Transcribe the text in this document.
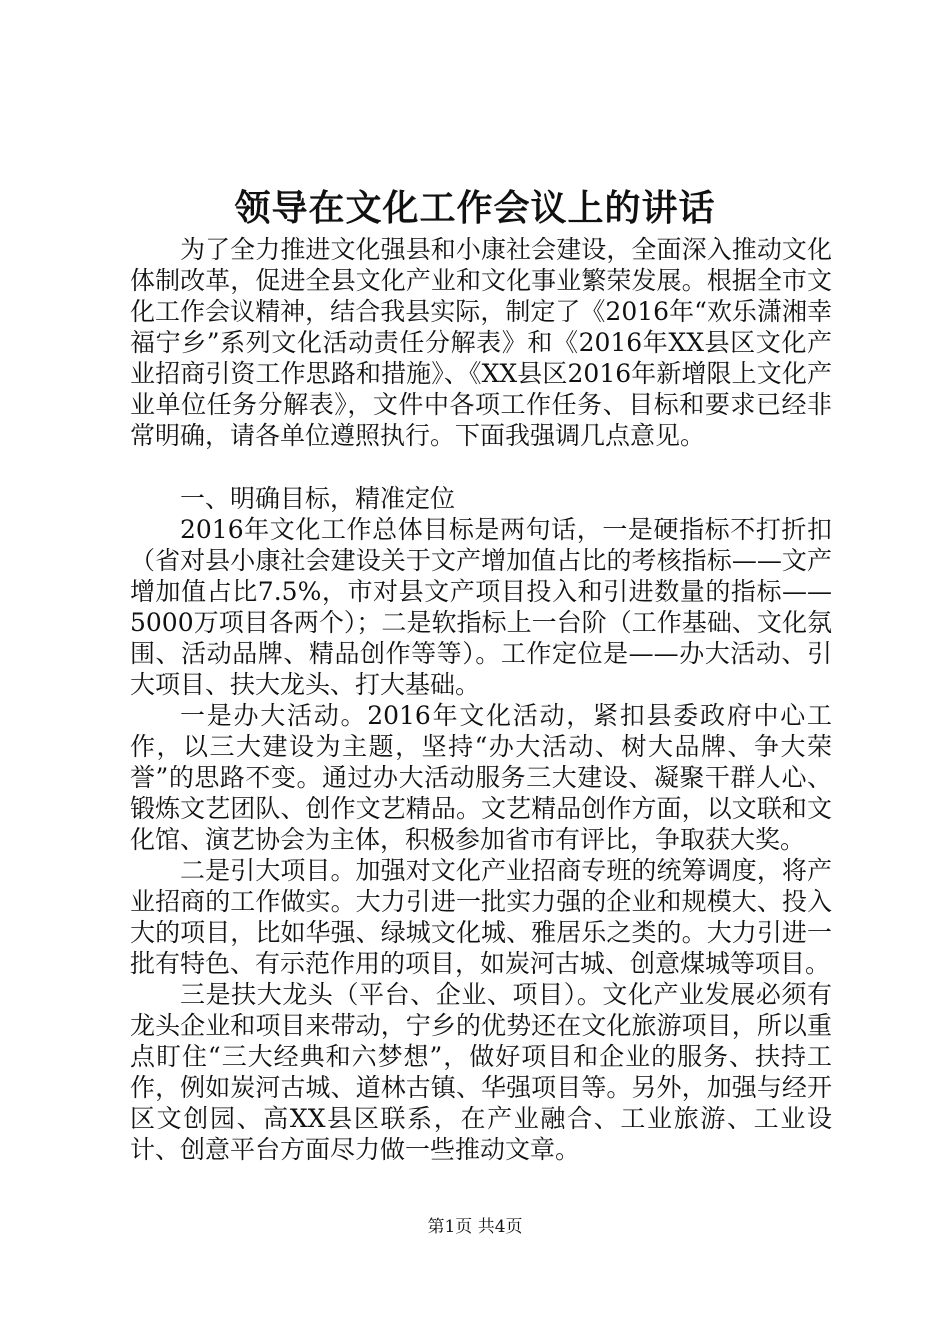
领导在文化工作会议上的讲话

为了全力推进文化强县和小康社会建设，全面深入推动文化体制改革，促进全县文化产业和文化事业繁荣发展。根据全市文化工作会议精神，结合我县实际，制定了《2016年“欢乐潇湘幸福宁乡”系列文化活动责任分解表》和《2016年XX县区文化产业招商引资工作思路和措施》、《XX县区2016年新增限上文化产业单位任务分解表》，文件中各项工作任务、目标和要求已经非常明确，请各单位遵照执行。下面我强调几点意见。

一、明确目标，精准定位

2016年文化工作总体目标是两句话，一是硬指标不打折扣（省对县小康社会建设关于文产增加值占比的考核指标——文产增加值占比7.5%，市对县文产项目投入和引进数量的指标——5000万项目各两个）；二是软指标上一台阶（工作基础、文化氛围、活动品牌、精品创作等等）。工作定位是——办大活动、引大项目、扶大龙头、打大基础。

一是办大活动。2016年文化活动，紧扣县委政府中心工作，以三大建设为主题，坚持“办大活动、树大品牌、争大荣誉”的思路不变。通过办大活动服务三大建设、凝聚干群人心、锻炼文艺团队、创作文艺精品。文艺精品创作方面，以文联和文化馆、演艺协会为主体，积极参加省市有评比，争取获大奖。

二是引大项目。加强对文化产业招商专班的统筹调度，将产业招商的工作做实。大力引进一批实力强的企业和规模大、投入大的项目，比如华强、绿城文化城、雅居乐之类的。大力引进一批有特色、有示范作用的项目，如炭河古城、创意煤城等项目。

三是扶大龙头（平台、企业、项目）。文化产业发展必须有龙头企业和项目来带动，宁乡的优势还在文化旅游项目，所以重点盯住“三大经典和六梦想”，做好项目和企业的服务、扶持工作，例如炭河古城、道林古镇、华强项目等。另外，加强与经开区文创园、高XX县区联系，在产业融合、工业旅游、工业设计、创意平台方面尽力做一些推动文章。

第1页 共4页
